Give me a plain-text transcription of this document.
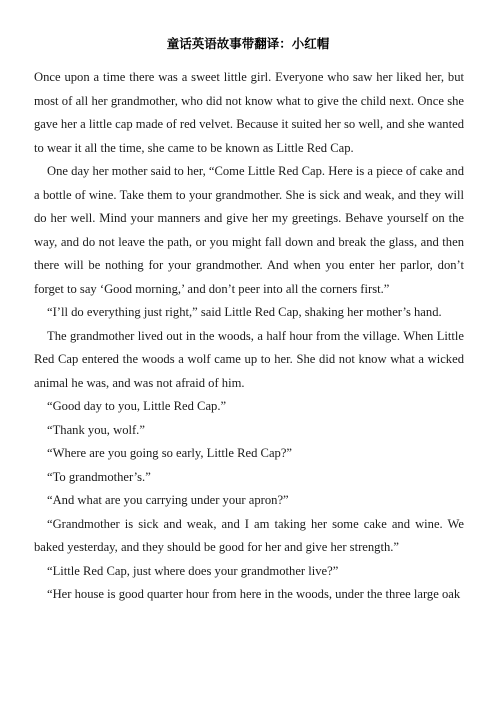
童话英语故事带翻译：小红帽

Once upon a time there was a sweet little girl. Everyone who saw her liked her, but most of all her grandmother, who did not know what to give the child next. Once she gave her a little cap made of red velvet. Because it suited her so well, and she wanted to wear it all the time, she came to be known as Little Red Cap.

One day her mother said to her, “Come Little Red Cap. Here is a piece of cake and a bottle of wine. Take them to your grandmother. She is sick and weak, and they will do her well. Mind your manners and give her my greetings. Behave yourself on the way, and do not leave the path, or you might fall down and break the glass, and then there will be nothing for your grandmother. And when you enter her parlor, don’t forget to say ‘Good morning,’ and don’t peer into all the corners first.”

“I’ll do everything just right,” said Little Red Cap, shaking her mother’s hand.

The grandmother lived out in the woods, a half hour from the village. When Little Red Cap entered the woods a wolf came up to her. She did not know what a wicked animal he was, and was not afraid of him.

“Good day to you, Little Red Cap.”

“Thank you, wolf.”

“Where are you going so early, Little Red Cap?”

“To grandmother’s.”

“And what are you carrying under your apron?”

“Grandmother is sick and weak, and I am taking her some cake and wine. We baked yesterday, and they should be good for her and give her strength.”

“Little Red Cap, just where does your grandmother live?”

“Her house is good quarter hour from here in the woods, under the three large oak
